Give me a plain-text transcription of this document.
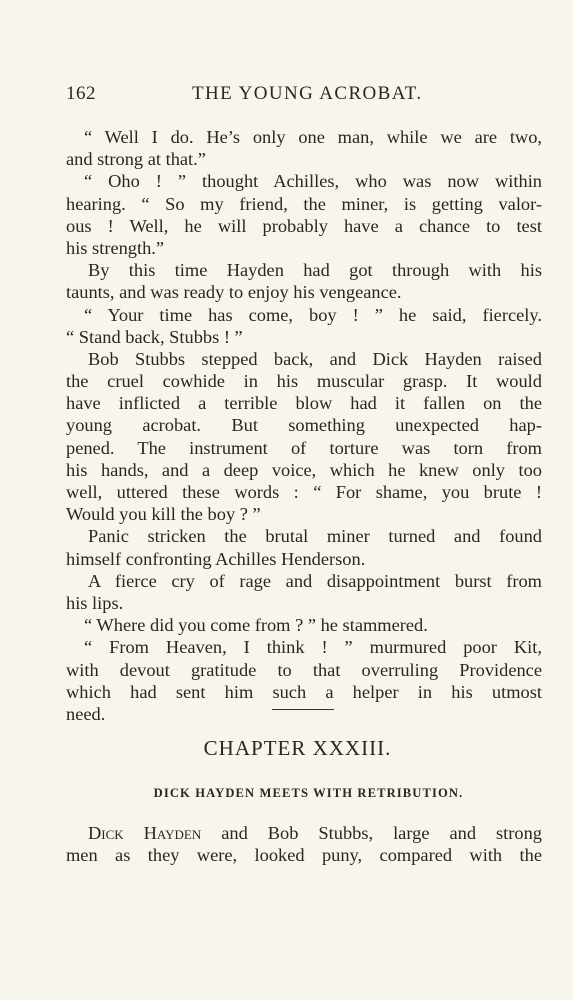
162	THE YOUNG ACROBAT.
“ Well I do. He’s only one man, while we are two,
and strong at that.”
“ Oho ! ” thought Achilles, who was now within
hearing. “ So my friend, the miner, is getting valor-
ous ! Well, he will probably have a chance to test
his strength.”
By this time Hayden had got through with his
taunts, and was ready to enjoy his vengeance.
“ Your time has come, boy ! ” he said, fiercely.
“ Stand back, Stubbs ! ”
Bob Stubbs stepped back, and Dick Hayden raised
the cruel cowhide in his muscular grasp. It would
have inflicted a terrible blow had it fallen on the
young acrobat. But something unexpected hap-
pened. The instrument of torture was torn from
his hands, and a deep voice, which he knew only too
well, uttered these words : “ For shame, you brute !
Would you kill the boy ? ”
Panic stricken the brutal miner turned and found
himself confronting Achilles Henderson.
A fierce cry of rage and disappointment burst from
his lips.
“ Where did you come from ? ” he stammered.
“ From Heaven, I think ! ” murmured poor Kit,
with devout gratitude to that overruling Providence
which had sent him such a helper in his utmost
need.
CHAPTER XXXIII.
DICK HAYDEN MEETS WITH RETRIBUTION.
Dick Hayden and Bob Stubbs, large and strong
men as they were, looked puny, compared with the
